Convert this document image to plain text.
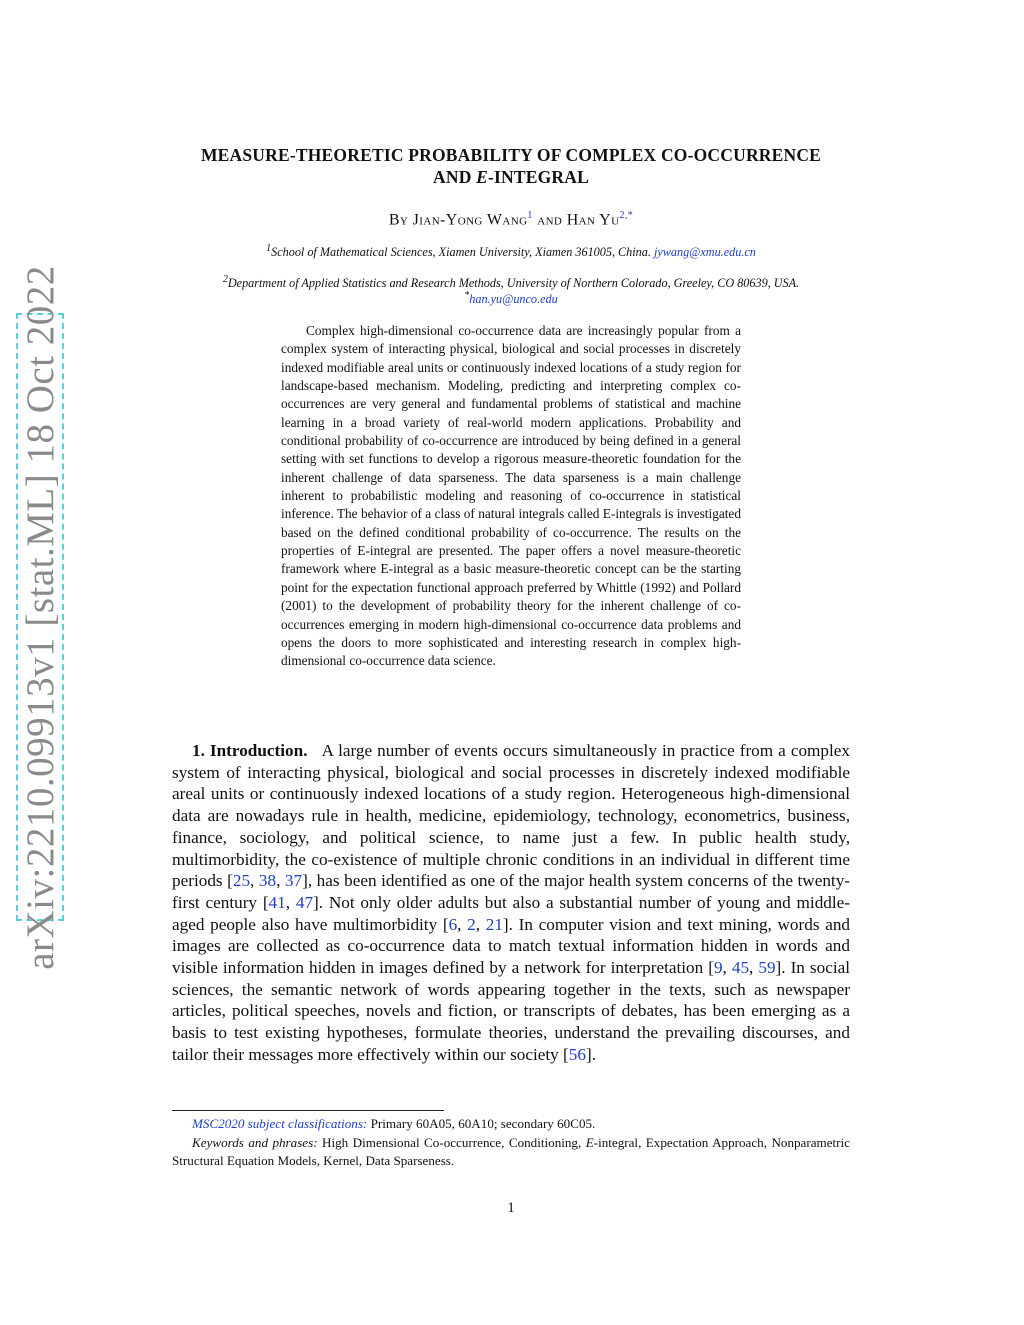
arXiv:2210.09913v1 [stat.ML] 18 Oct 2022
MEASURE-THEORETIC PROBABILITY OF COMPLEX CO-OCCURRENCE
AND E-INTEGRAL
By Jian-Yong Wang$^1$ and Han $Yu^{2,*}$
$^1$School of Mathematical Sciences, Xiamen University, Xiamen 361005, China. jywang@xmu.edu.cn
$^2$Department of Applied Statistics and Research Methods, University of Northern Colorado, Greeley, CO 80639, USA.
*han.yu@unco.edu

Complex high-dimensional co-occurrence data are increasingly popular from a complex system of interacting physical, biological and social processes in discretely indexed modifiable areal units or continuously indexed locations of a study region for landscape-based mechanism. Modeling, predicting and interpreting complex co-occurrences are very general and fundamental problems of statistical and machine learning in a broad variety of real-world modern applications. Probability and conditional probability of co-occurrence are introduced by being defined in a general setting with set functions to develop a rigorous measure-theoretic foundation for the inherent challenge of data sparseness. The data sparseness is a main challenge inherent to probabilistic modeling and reasoning of co-occurrence in statistical inference. The behavior of a class of natural integrals called E-integrals is investigated based on the defined conditional probability of co-occurrence. The results on the properties of E-integral are presented. The paper offers a novel measure-theoretic framework where E-integral as a basic measure-theoretic concept can be the starting point for the expectation functional approach preferred by Whittle (1992) and Pollard (2001) to the development of probability theory for the inherent challenge of co-occurrences emerging in modern high-dimensional co-occurrence data problems and opens the doors to more sophisticated and interesting research in complex high-dimensional co-occurrence data science.

1. Introduction. A large number of events occurs simultaneously in practice from a complex system of interacting physical, biological and social processes in discretely indexed modifiable areal units or continuously indexed locations of a study region. Heterogeneous high-dimensional data are nowadays rule in health, medicine, epidemiology, technology, econometrics, business, finance, sociology, and political science, to name just a few. In public health study, multimorbidity, the co-existence of multiple chronic conditions in an individual in different time periods [25, 38, 37], has been identified as one of the major health system concerns of the twenty-first century [41, 47]. Not only older adults but also a substantial number of young and middle-aged people also have multimorbidity [6, 2, 21]. In computer vision and text mining, words and images are collected as co-occurrence data to match textual information hidden in words and visible information hidden in images defined by a network for interpretation [9, 45, 59]. In social sciences, the semantic network of words appearing together in the texts, such as newspaper articles, political speeches, novels and fiction, or transcripts of debates, has been emerging as a basis to test existing hypotheses, formulate theories, understand the prevailing discourses, and tailor their messages more effectively within our society [56].

MSC2020 subject classifications: Primary 60A05, 60A10; secondary 60C05.

Keywords and phrases: High Dimensional Co-occurrence, Conditioning, E-integral, Expectation Approach, Nonparametric Structural Equation Models, Kernel, Data Sparseness.

1
